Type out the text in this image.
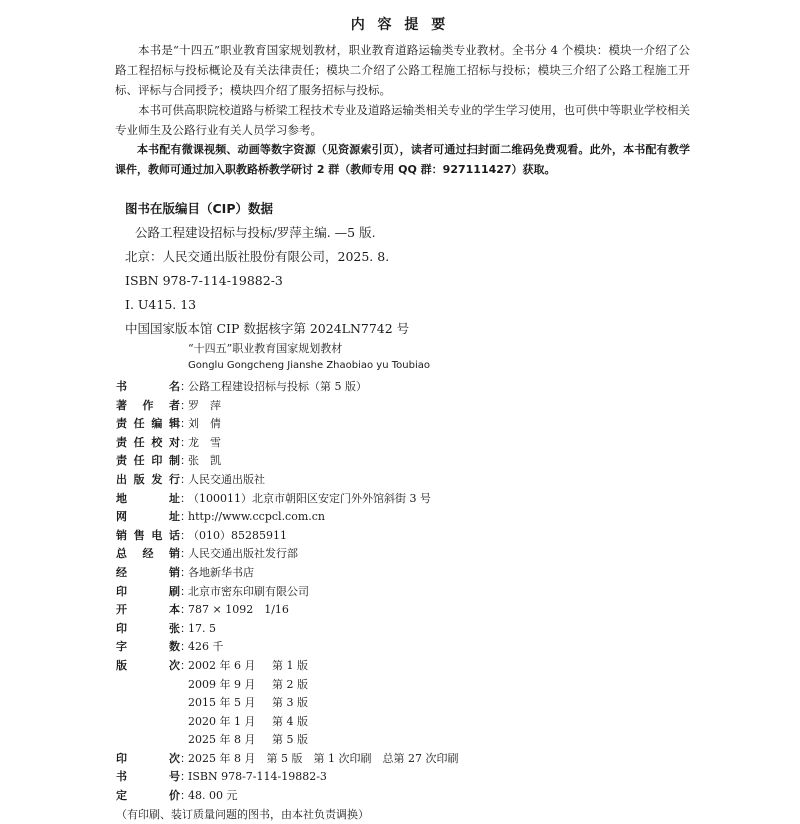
内 容 提 要

本书是“十四五”职业教育国家规划教材，职业教育道路运输类专业教材。全书分 4 个模块：模块一介绍了公路工程招标与投标概论及有关法律责任；模块二介绍了公路工程施工招标与投标；模块三介绍了公路工程施工开标、评标与合同授予；模块四介绍了服务招标与投标。

本书可供高职院校道路与桥梁工程技术专业及道路运输类相关专业的学生学习使用，也可供中等职业学校相关专业师生及公路行业有关人员学习参考。

本书配有微课视频、动画等数字资源（见资源索引页），读者可通过扫封面二维码免费观看。此外，本书配有教学课件，教师可通过加入职教路桥教学研讨 2 群（教师专用 QQ 群：927111427）获取。

图书在版编目（CIP）数据
公路工程建设招标与投标/罗萍主编. —5 版.
北京：人民交通出版社股份有限公司，2025. 8.
ISBN 978-7-114-19882-3
Ⅰ. U415. 13
中国国家版本馆 CIP 数据核字第 2024LN7742 号
“十四五”职业教育国家规划教材
Gonglu Gongcheng Jianshe Zhaobiao yu Toubiao
书　　名 ：
公路工程建设招标与投标（第 5 版）
著 作 者 ：
罗　萍
责任编辑 ：
刘　倩
责任校对 ：
龙　雪
责任印制 ：
张　凯
出版发行 ：
人民交通出版社
地　　址 ：
（100011）北京市朝阳区安定门外外馆斜街 3 号
网　　址 ：
http://www.ccpcl.com.cn
销售电话 ：
（010）85285911
总 经 销 ：
人民交通出版社发行部
经　　销 ：
各地新华书店
印　　刷 ：
北京市密东印刷有限公司
开　　本 ：
787 × 1092　1/16
印　　张 ：
17. 5
字　　数 ：
426 千
版　　次 ：
2002 年 6 月 第 1 版
2009 年 9 月 第 2 版
2015 年 5 月 第 3 版
2020 年 1 月 第 4 版
2025 年 8 月 第 5 版
印　　次 ：
2025 年 8 月　第 5 版　第 1 次印刷　总第 27 次印刷
书　　号 ：
ISBN 978-7-114-19882-3
定　　价 ：
48. 00 元
（有印刷、装订质量问题的图书，由本社负责调换）
